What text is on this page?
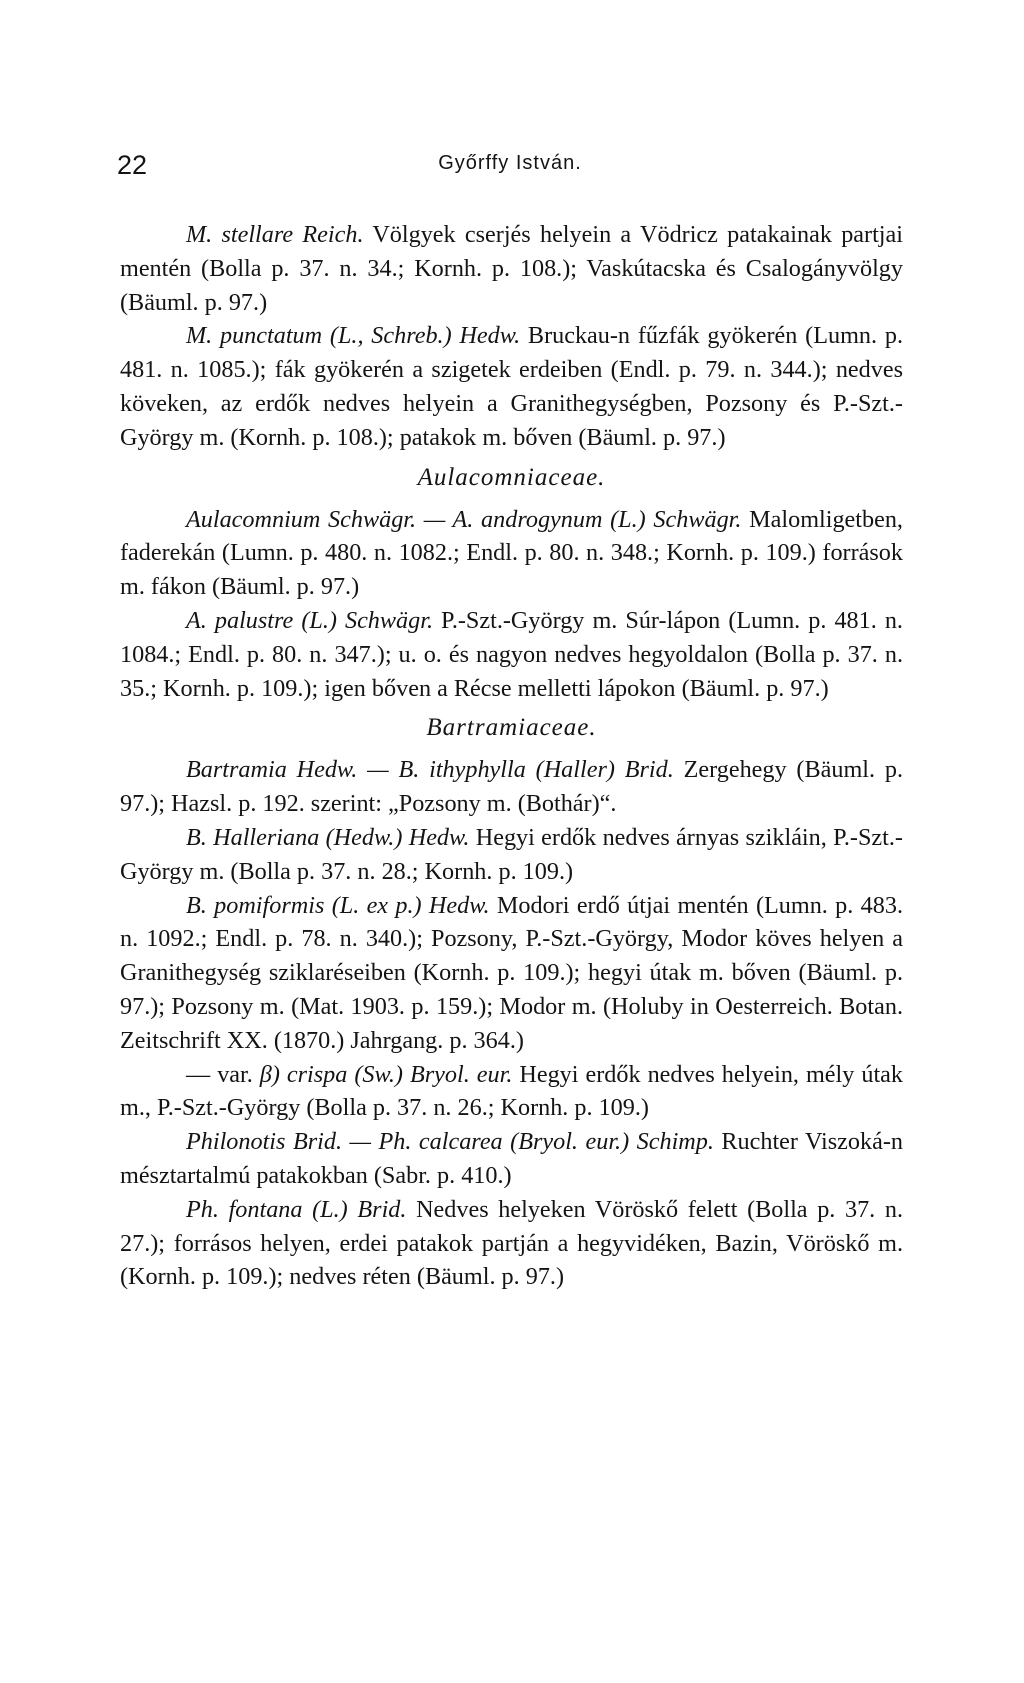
22	Győrffy István.

M. stellare Reich. Völgyek cserjés helyein a Vödricz patakainak partjai mentén (Bolla p. 37. n. 34.; Kornh. p. 108.); Vaskútacska és Csalogányvölgy (Bäuml. p. 97.)

M. punctatum (L., Schreb.) Hedw. Bruckau-n fűzfák gyökerén (Lumn. p. 481. n. 1085.); fák gyökerén a szigetek erdeiben (Endl. p. 79. n. 344.); nedves köveken, az erdők nedves helyein a Granithegységben, Pozsony és P.-Szt.-György m. (Kornh. p. 108.); patakok m. bőven (Bäuml. p. 97.)

Aulacomniaceae.

Aulacomnium Schwägr. — A. androgynum (L.) Schwägr. Malomligetben, faderekán (Lumn. p. 480. n. 1082.; Endl. p. 80. n. 348.; Kornh. p. 109.) források m. fákon (Bäuml. p. 97.)

A. palustre (L.) Schwägr. P.-Szt.-György m. Súr-lápon (Lumn. p. 481. n. 1084.; Endl. p. 80. n. 347.); u. o. és nagyon nedves hegyoldalon (Bolla p. 37. n. 35.; Kornh. p. 109.); igen bőven a Récse melletti lápokon (Bäuml. p. 97.)

Bartramiaceae.

Bartramia Hedw. — B. ithyphylla (Haller) Brid. Zergehegy (Bäuml. p. 97.); Hazsl. p. 192. szerint: „Pozsony m. (Bothár)“.

B. Halleriana (Hedw.) Hedw. Hegyi erdők nedves árnyas szikláin, P.-Szt.-György m. (Bolla p. 37. n. 28.; Kornh. p. 109.)

B. pomiformis (L. ex p.) Hedw. Modori erdő útjai mentén (Lumn. p. 483. n. 1092.; Endl. p. 78. n. 340.); Pozsony, P.-Szt.-György, Modor köves helyen a Granithegység sziklaréseiben (Kornh. p. 109.); hegyi útak m. bőven (Bäuml. p. 97.); Pozsony m. (Mat. 1903. p. 159.); Modor m. (Holuby in Oesterreich. Botan. Zeitschrift XX. (1870.) Jahrgang. p. 364.)

— var. β) crispa (Sw.) Bryol. eur. Hegyi erdők nedves helyein, mély útak m., P.-Szt.-György (Bolla p. 37. n. 26.; Kornh. p. 109.)

Philonotis Brid. — Ph. calcarea (Bryol. eur.) Schimp. Ruchter Viszoká-n mésztartalmú patakokban (Sabr. p. 410.)

Ph. fontana (L.) Brid. Nedves helyeken Vöröskő felett (Bolla p. 37. n. 27.); forrásos helyen, erdei patakok partján a hegyvidéken, Bazin, Vöröskő m. (Kornh. p. 109.); nedves réten (Bäuml. p. 97.)
